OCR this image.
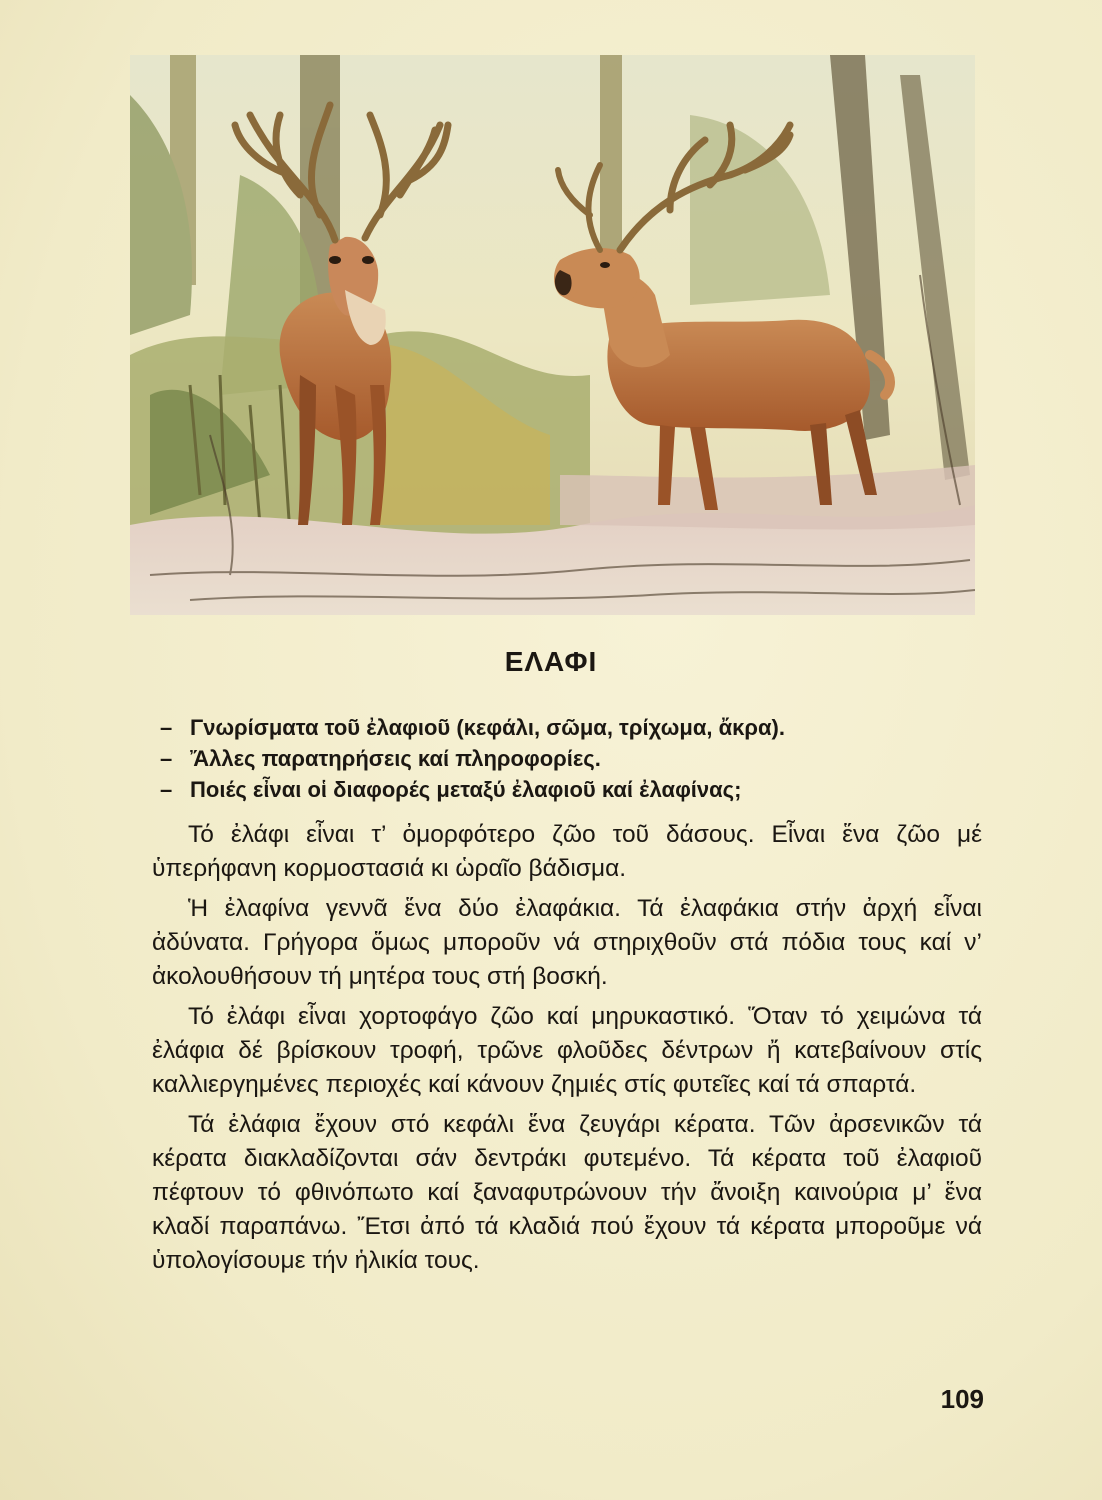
ΕΛΑΦΙ
– Γνωρίσματα τοῦ ἐλαφιοῦ (κεφάλι, σῶμα, τρίχωμα, ἄκρα).
– Ἄλλες παρατηρήσεις καί πληροφορίες.
– Ποιές εἶναι οἱ διαφορές μεταξύ ἐλαφιοῦ καί ἐλαφίνας;

Τό ἐλάφι εἶναι τ’ ὀμορφότερο ζῶο τοῦ δάσους. Εἶναι ἕνα ζῶο μέ ὑπερήφανη κορμοστασιά κι ὡραῖο βάδισμα.

Ἡ ἐλαφίνα γεννᾶ ἕνα δύο ἐλαφάκια. Τά ἐλαφάκια στήν ἀρχή εἶναι ἀδύνατα. Γρήγορα ὅμως μποροῦν νά στηριχθοῦν στά πόδια τους καί ν’ ἀκολουθήσουν τή μητέρα τους στή βοσκή.

Τό ἐλάφι εἶναι χορτοφάγο ζῶο καί μηρυκαστικό. Ὅταν τό χειμώνα τά ἐλάφια δέ βρίσκουν τροφή, τρῶνε φλοῦδες δέντρων ἤ κατεβαίνουν στίς καλλιεργημένες περιοχές καί κάνουν ζημιές στίς φυτεῖες καί τά σπαρτά.

Τά ἐλάφια ἔχουν στό κεφάλι ἕνα ζευγάρι κέρατα. Τῶν ἀρσενικῶν τά κέρατα διακλαδίζονται σάν δεντράκι φυτεμένο. Τά κέρατα τοῦ ἐλαφιοῦ πέφτουν τό φθινόπωτο καί ξαναφυτρώνουν τήν ἄνοιξη καινούρια μ’ ἕνα κλαδί παραπάνω. Ἔτσι ἀπό τά κλαδιά πού ἔχουν τά κέρατα μποροῦμε νά ὑπολογίσουμε τήν ἡλικία τους.

109
